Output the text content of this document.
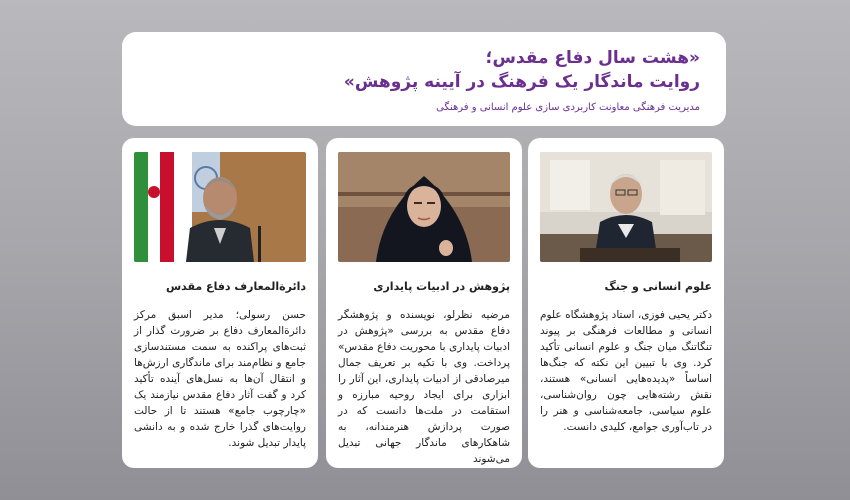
«هشت سال دفاع مقدس؛
روایت ماندگار یک فرهنگ در آیینه پژوهش»
مدیریت فرهنگی معاونت کاربردی سازی علوم انسانی و فرهنگی
علوم انسانی و جنگ
دکتر یحیی فوزی، استاد پژوهشگاه علوم انسانی و مطالعات فرهنگی بر پیوند تنگاتنگ میان جنگ و علوم انسانی تأکید کرد. وی با تبیین این نکته که جنگ‌ها اساساً «پدیده‌هایی انسانی» هستند، نقش رشته‌هایی چون روان‌شناسی، علوم سیاسی، جامعه‌شناسی و هنر را در تاب‌آوری جوامع، کلیدی دانست.
پژوهش در ادبیات پایداری
مرضیه نظرلو، نویسنده و پژوهشگر دفاع مقدس به بررسی «پژوهش در ادبیات پایداری با محوریت دفاع مقدس» پرداخت. وی با تکیه بر تعریف جمال میرصادقی از ادبیات پایداری، این آثار را ابزاری برای ایجاد روحیه مبارزه و استقامت در ملت‌ها دانست که در صورت پردازش هنرمندانه، به شاهکارهای ماندگار جهانی تبدیل می‌شوند
دائرةالمعارف دفاع مقدس
حسن رسولی؛ مدیر اسبق مرکز دائرةالمعارف دفاع بر ضرورت گذار از ثبت‌های پراکنده به سمت مستندسازی جامع و نظام‌مند برای ماندگاری ارزش‌ها و انتقال آن‌ها به نسل‌های آینده تأکید کرد و گفت آثار دفاع مقدس نیازمند یک «چارچوب جامع» هستند تا از حالت روایت‌های گذرا خارج شده و به دانشی پایدار تبدیل شوند.
